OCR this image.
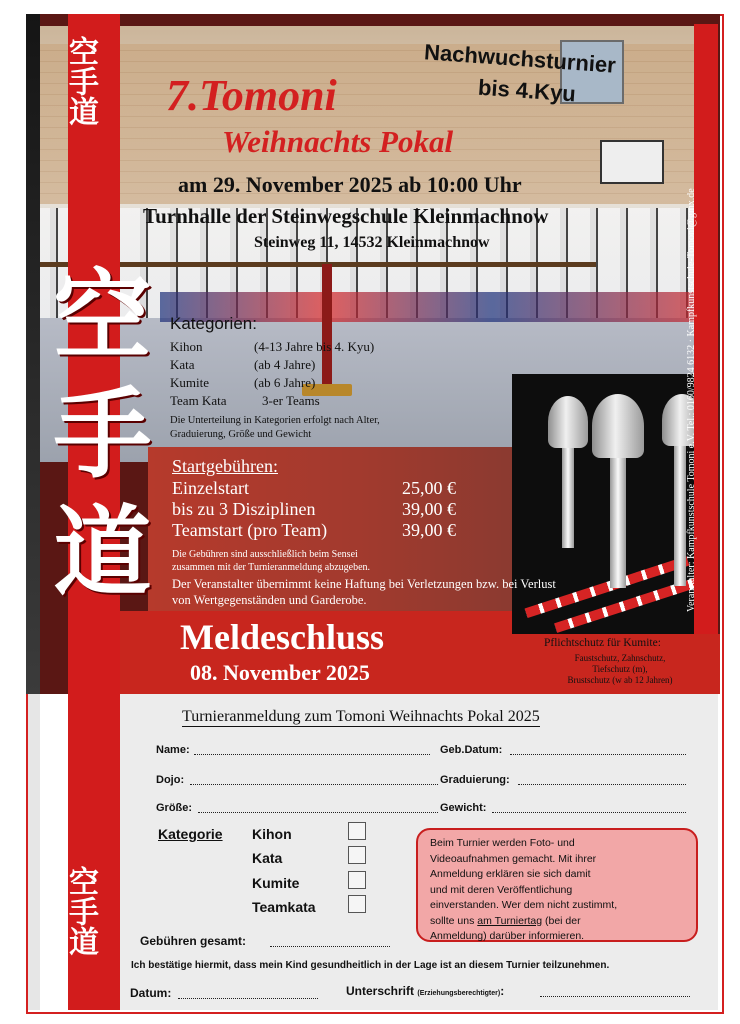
空手道
空
手
道
空手道
7.Tomoni
Weihnachts Pokal
Nachwuchsturnier
bis 4.Kyu
am 29. November 2025 ab 10:00 Uhr
Turnhalle der Steinwegschule Kleinmachnow
Steinweg 11, 14532 Kleinmachnow
Kategorien:
Kihon	(4-13 Jahre bis 4. Kyu)
Kata	(ab 4 Jahre)
Kumite	(ab 6 Jahre)
Team Kata	3-er Teams
Die Unterteilung in Kategorien erfolgt nach Alter,
Graduierung, Größe und Gewicht
Startgebühren:
Einzelstart	25,00 €
bis zu 3 Disziplinen	39,00 €
Teamstart (pro Team)	39,00 €
Die Gebühren sind ausschließlich beim Sensei
zusammen mit der Turnieranmeldung abzugeben.
Der Veranstalter übernimmt keine Haftung bei Verletzungen bzw. bei Verlust
von Wertgegenständen und Garderobe.
Meldeschluss
08. November 2025
Pflichtschutz für Kumite:
Faustschutz, Zahnschutz,
Tiefschutz (m),
Brustschutz (w ab 12 Jahren)
Veranstalter: Kampfkunstschule Tomoni e.V. Tel.: 0160/9824 6132 · Kampfkunstschule-Tomoni@gmx.de
Turnieranmeldung zum Tomoni Weihnachts Pokal 2025
Name:	Geb.Datum:
Dojo:	Graduierung:
Größe:	Gewicht:
Kategorie Kihon
Kata
Kumite
Teamkata
Beim Turnier werden Foto- und
Videoaufnahmen gemacht. Mit ihrer
Anmeldung erklären sie sich damit
und mit deren Veröffentlichung
einverstanden. Wer dem nicht zustimmt,
sollte uns am Turniertag (bei der
Anmeldung) darüber informieren.
Gebühren gesamt:
Ich bestätige hiermit, dass mein Kind gesundheitlich in der Lage ist an diesem Turnier teilzunehmen.
Datum:	Unterschrift (Erziehungsberechtigter):
